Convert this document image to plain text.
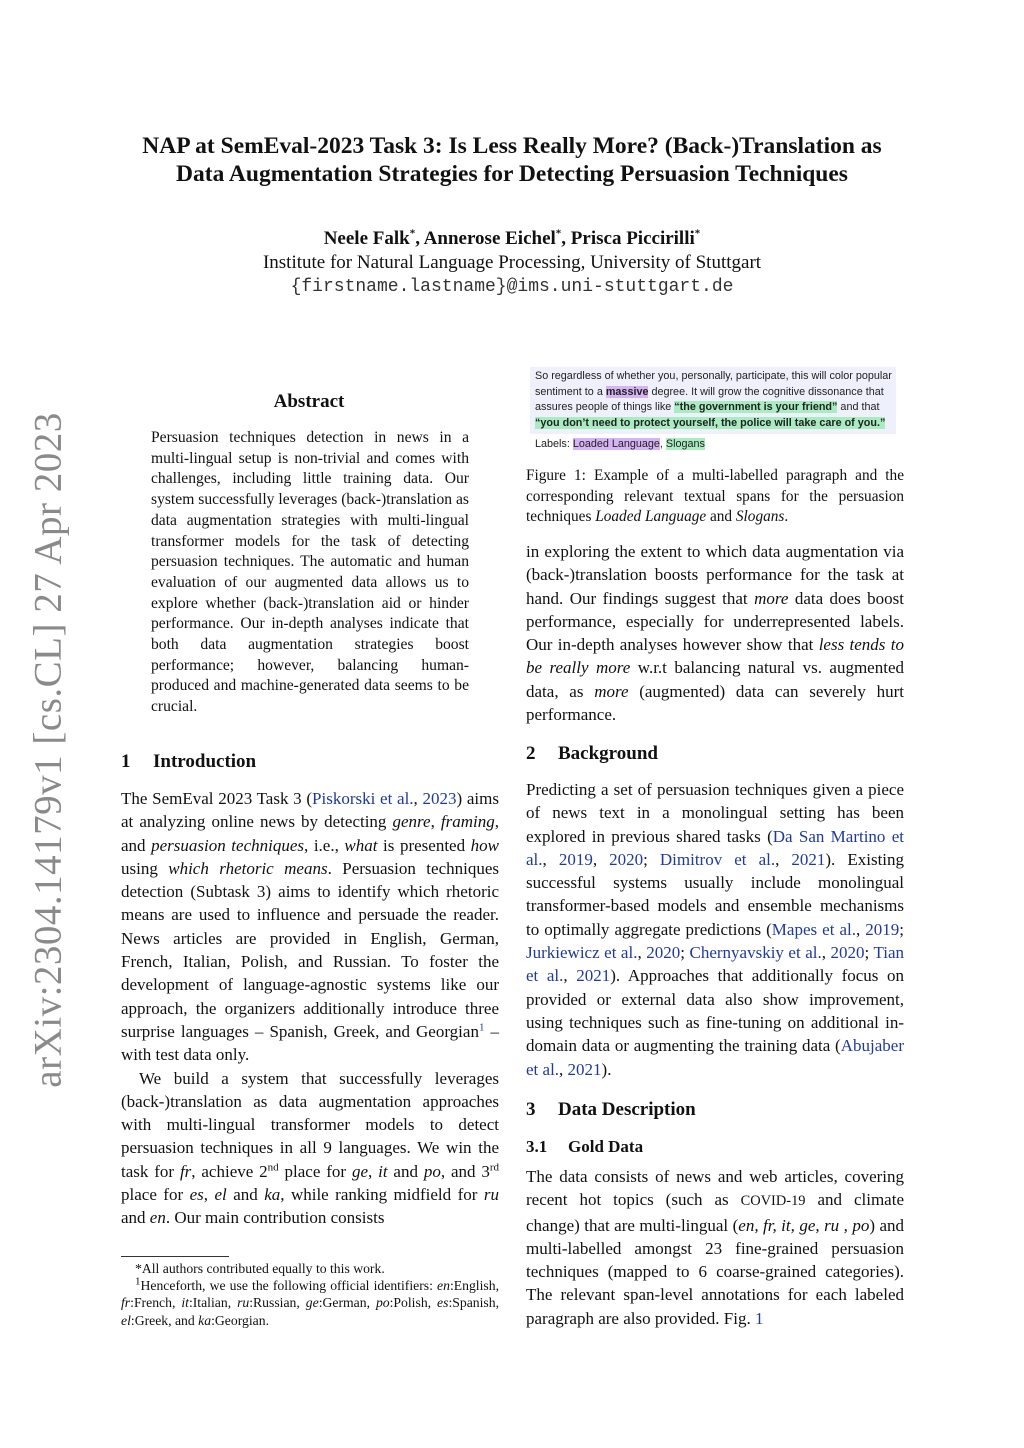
arXiv:2304.14179v1 [cs.CL] 27 Apr 2023
NAP at SemEval-2023 Task 3: Is Less Really More? (Back-)Translation as
Data Augmentation Strategies for Detecting Persuasion Techniques
Neele Falk*, Annerose Eichel*, Prisca Piccirilli*
Institute for Natural Language Processing, University of Stuttgart
{firstname.lastname}@ims.uni-stuttgart.de
Abstract
Persuasion techniques detection in news in a multi-lingual setup is non-trivial and comes with challenges, including little training data. Our system successfully leverages (back-)translation as data augmentation strategies with multi-lingual transformer models for the task of detecting persuasion techniques. The automatic and human evaluation of our augmented data allows us to explore whether (back-)translation aid or hinder performance. Our in-depth analyses indicate that both data augmentation strategies boost performance; however, balancing human-produced and machine-generated data seems to be crucial.
1 Introduction

The SemEval 2023 Task 3 (Piskorski et al., 2023) aims at analyzing online news by detecting genre, framing, and persuasion techniques, i.e., what is presented how using which rhetoric means. Persuasion techniques detection (Subtask 3) aims to identify which rhetoric means are used to influence and persuade the reader. News articles are provided in English, German, French, Italian, Polish, and Russian. To foster the development of language-agnostic systems like our approach, the organizers additionally introduce three surprise languages – Spanish, Greek, and Georgian$^1$ – with test data only.

We build a system that successfully leverages (back-)translation as data augmentation approaches with multi-lingual transformer models to detect persuasion techniques in all 9 languages. We win the task for fr, achieve 2nd place for ge, it and po, and 3rd place for es, el and ka, while ranking midfield for ru and en. Our main contribution consists

*All authors contributed equally to this work.

$^1$Henceforth, we use the following official identifiers: en:English, fr:French, it:Italian, ru:Russian, ge:German, po:Polish, es:Spanish, el:Greek, and ka:Georgian.

So regardless of whether you, personally, participate, this will color popular sentiment to a massive degree. It will grow the cognitive dissonance that assures people of things like “the government is your friend” and that “you don’t need to protect yourself, the police will take care of you.”
Labels: Loaded Language, Slogans
Figure 1: Example of a multi-labelled paragraph and the corresponding relevant textual spans for the persuasion techniques Loaded Language and Slogans.
in exploring the extent to which data augmentation via (back-)translation boosts performance for the task at hand. Our findings suggest that more data does boost performance, especially for underrepresented labels. Our in-depth analyses however show that less tends to be really more w.r.t balancing natural vs. augmented data, as more (augmented) data can severely hurt performance.
2 Background
Predicting a set of persuasion techniques given a piece of news text in a monolingual setting has been explored in previous shared tasks (Da San Martino et al., 2019, 2020; Dimitrov et al., 2021). Existing successful systems usually include monolingual transformer-based models and ensemble mechanisms to optimally aggregate predictions (Mapes et al., 2019; Jurkiewicz et al., 2020; Chernyavskiy et al., 2020; Tian et al., 2021). Approaches that additionally focus on provided or external data also show improvement, using techniques such as fine-tuning on additional in-domain data or augmenting the training data (Abujaber et al., 2021).
3 Data Description
3.1 Gold Data
The data consists of news and web articles, covering recent hot topics (such as COVID-19 and climate change) that are multi-lingual (en, fr, it, ge, ru , po) and multi-labelled amongst 23 fine-grained persuasion techniques (mapped to 6 coarse-grained categories). The relevant span-level annotations for each labeled paragraph are also provided. Fig. 1
